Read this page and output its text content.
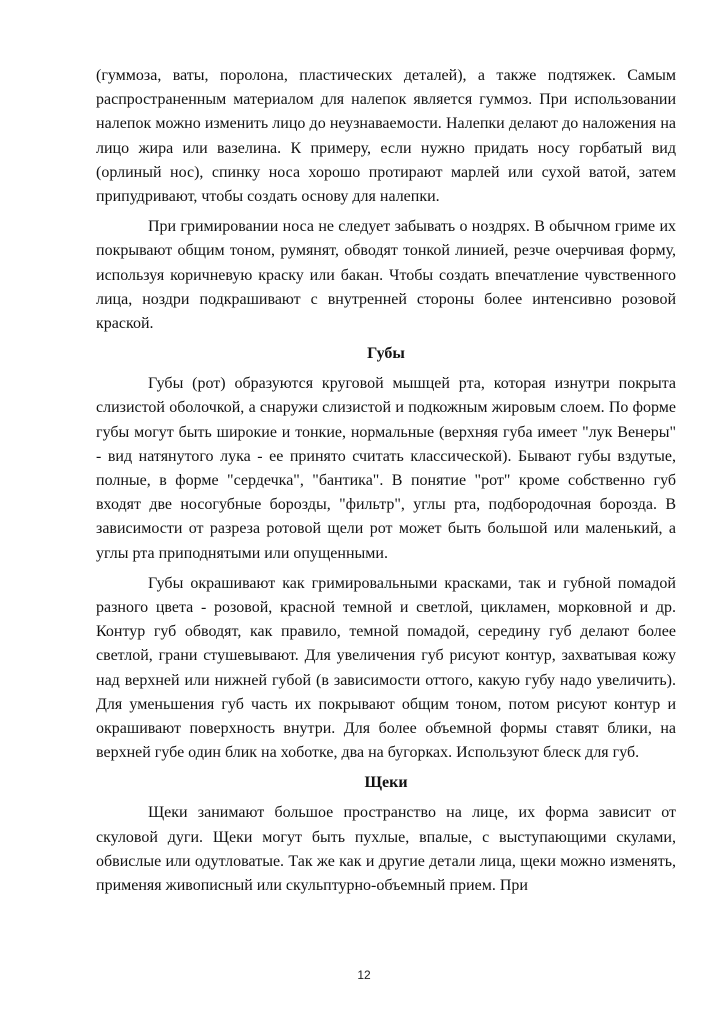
(гуммоза, ваты, поролона, пластических деталей), а также подтяжек. Самым распространенным материалом для налепок является гуммоз. При использовании налепок можно изменить лицо до неузнаваемости. Налепки делают до наложения на лицо жира или вазелина. К примеру, если нужно придать носу горбатый вид (орлиный нос), спинку носа хорошо протирают марлей или сухой ватой, затем припудривают, чтобы создать основу для налепки.

При гримировании носа не следует забывать о ноздрях. В обычном гриме их покрывают общим тоном, румянят, обводят тонкой линией, резче очерчивая форму, используя коричневую краску или бакан. Чтобы создать впечатление чувственного лица, ноздри подкрашивают с внутренней стороны более интенсивно розовой краской.

Губы

Губы (рот) образуются круговой мышцей рта, которая изнутри покрыта слизистой оболочкой, а снаружи слизистой и подкожным жировым слоем. По форме губы могут быть широкие и тонкие, нормальные (верхняя губа имеет "лук Венеры" - вид натянутого лука - ее принято считать классической). Бывают губы вздутые, полные, в форме "сердечка", "бантика". В понятие "рот" кроме собственно губ входят две носогубные борозды, "фильтр", углы рта, подбородочная борозда. В зависимости от разреза ротовой щели рот может быть большой или маленький, а углы рта приподнятыми или опущенными.

Губы окрашивают как гримировальными красками, так и губной помадой разного цвета - розовой, красной темной и светлой, цикламен, морковной и др. Контур губ обводят, как правило, темной помадой, середину губ делают более светлой, грани стушевывают. Для увеличения губ рисуют контур, захватывая кожу над верхней или нижней губой (в зависимости оттого, какую губу надо увеличить). Для уменьшения губ часть их покрывают общим тоном, потом рисуют контур и окрашивают поверхность внутри. Для более объемной формы ставят блики, на верхней губе один блик на хоботке, два на бугорках. Используют блеск для губ.

Щеки

Щеки занимают большое пространство на лице, их форма зависит от скуловой дуги. Щеки могут быть пухлые, впалые, с выступающими скулами, обвислые или одутловатые. Так же как и другие детали лица, щеки можно изменять, применяя живописный или скульптурно-объемный прием. При

12
